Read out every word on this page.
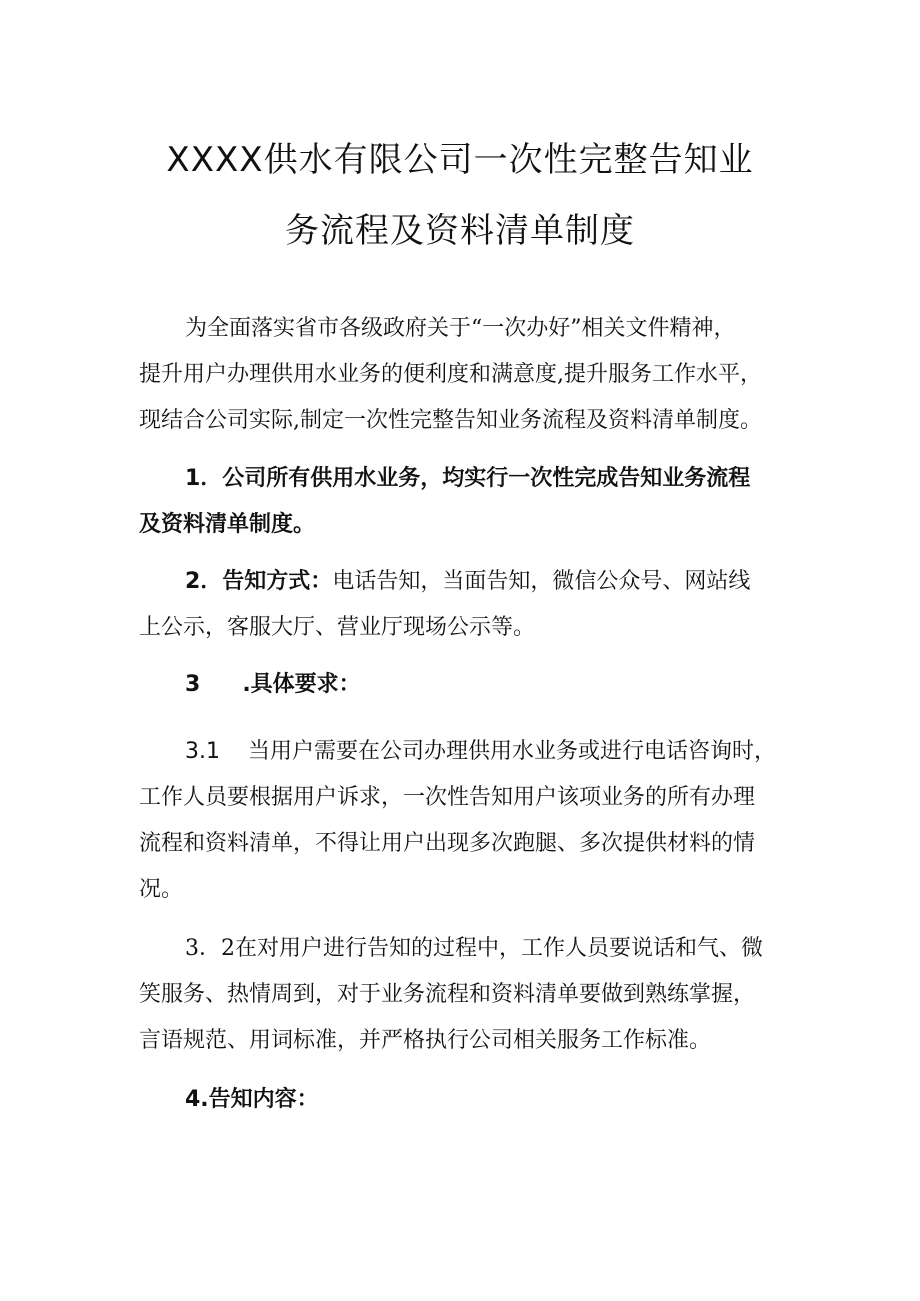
XXXX供水有限公司一次性完整告知业
务流程及资料清单制度
为全面落实省市各级政府关于“一次办好”相关文件精神，
提升用户办理供用水业务的便利度和满意度,提升服务工作水平，
现结合公司实际,制定一次性完整告知业务流程及资料清单制度。
1．公司所有供用水业务，均实行一次性完成告知业务流程
及资料清单制度。
2．告知方式：电话告知，当面告知，微信公众号、网站线
上公示，客服大厅、营业厅现场公示等。
3 .具体要求：
3.1 当用户需要在公司办理供用水业务或进行电话咨询时，
工作人员要根据用户诉求，一次性告知用户该项业务的所有办理
流程和资料清单，不得让用户出现多次跑腿、多次提供材料的情
况。
3．2在对用户进行告知的过程中，工作人员要说话和气、微
笑服务、热情周到，对于业务流程和资料清单要做到熟练掌握，
言语规范、用词标准，并严格执行公司相关服务工作标准。
4.告知内容：
